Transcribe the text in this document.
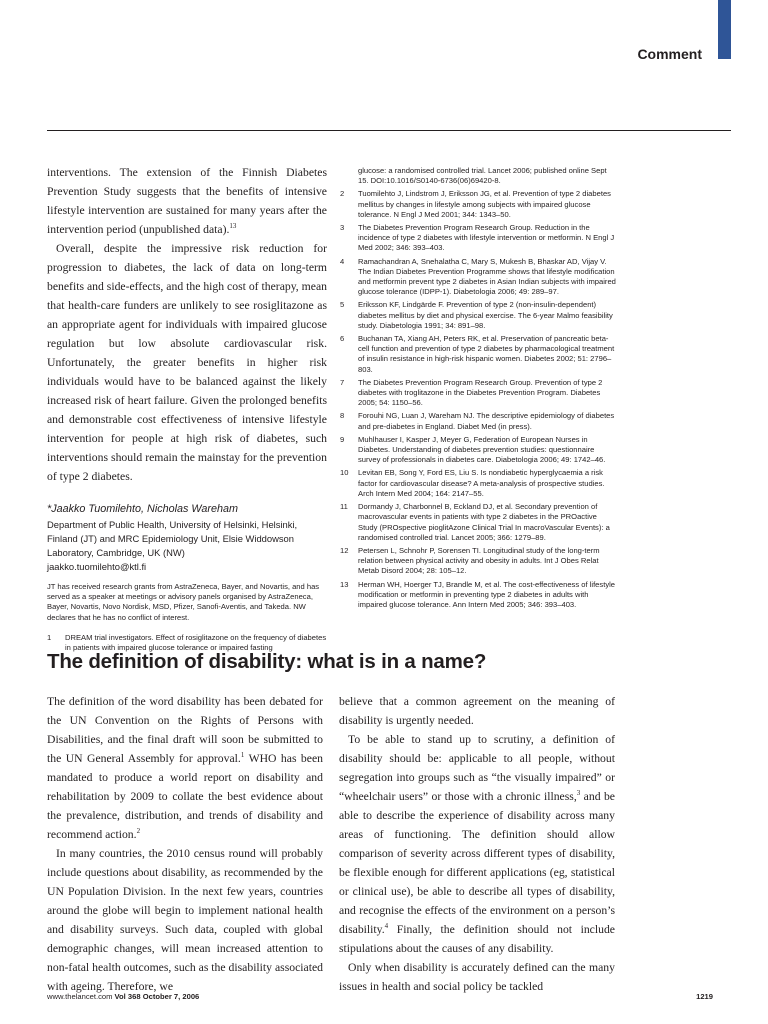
Comment

interventions. The extension of the Finnish Diabetes Prevention Study suggests that the benefits of intensive lifestyle intervention are sustained for many years after the intervention period (unpublished data).$^{13}$

Overall, despite the impressive risk reduction for progression to diabetes, the lack of data on long-term benefits and side-effects, and the high cost of therapy, mean that health-care funders are unlikely to see rosiglitazone as an appropriate agent for individuals with impaired glucose regulation but low absolute cardiovascular risk. Unfortunately, the greater benefits in higher risk individuals would have to be balanced against the likely increased risk of heart failure. Given the prolonged benefits and demonstrable cost effectiveness of intensive lifestyle intervention for people at high risk of diabetes, such interventions should remain the mainstay for the prevention of type 2 diabetes.

*Jaakko Tuomilehto, Nicholas Wareham
Department of Public Health, University of Helsinki, Helsinki,
Finland (JT) and MRC Epidemiology Unit, Elsie Widdowson
Laboratory, Cambridge, UK (NW)
jaakko.tuomilehto@ktl.fi
JT has received research grants from AstraZeneca, Bayer, and Novartis, and has served as a speaker at meetings or advisory panels organised by AstraZeneca, Bayer, Novartis, Novo Nordisk, MSD, Pfizer, Sanofi-Aventis, and Takeda. NW declares that he has no conflict of interest.
1	DREAM trial investigators. Effect of rosiglitazone on the frequency of diabetes in patients with impaired glucose tolerance or impaired fasting
glucose: a randomised controlled trial. Lancet 2006; published online Sept 15. DOI:10.1016/S0140-6736(06)69420-8.
2	Tuomilehto J, Lindstrom J, Eriksson JG, et al. Prevention of type 2 diabetes mellitus by changes in lifestyle among subjects with impaired glucose tolerance. N Engl J Med 2001; 344: 1343–50.
3	The Diabetes Prevention Program Research Group. Reduction in the incidence of type 2 diabetes with lifestyle intervention or metformin. N Engl J Med 2002; 346: 393–403.
4	Ramachandran A, Snehalatha C, Mary S, Mukesh B, Bhaskar AD, Vijay V. The Indian Diabetes Prevention Programme shows that lifestyle modification and metformin prevent type 2 diabetes in Asian Indian subjects with impaired glucose tolerance (IDPP-1). Diabetologia 2006; 49: 289–97.
5	Eriksson KF, Lindgärde F. Prevention of type 2 (non-insulin-dependent) diabetes mellitus by diet and physical exercise. The 6-year Malmo feasibility study. Diabetologia 1991; 34: 891–98.
6	Buchanan TA, Xiang AH, Peters RK, et al. Preservation of pancreatic beta-cell function and prevention of type 2 diabetes by pharmacological treatment of insulin resistance in high-risk hispanic women. Diabetes 2002; 51: 2796–803.
7	The Diabetes Prevention Program Research Group. Prevention of type 2 diabetes with troglitazone in the Diabetes Prevention Program. Diabetes 2005; 54: 1150–56.
8	Forouhi NG, Luan J, Wareham NJ. The descriptive epidemiology of diabetes and pre-diabetes in England. Diabet Med (in press).
9	Muhlhauser I, Kasper J, Meyer G, Federation of European Nurses in Diabetes. Understanding of diabetes prevention studies: questionnaire survey of professionals in diabetes care. Diabetologia 2006; 49: 1742–46.
10	Levitan EB, Song Y, Ford ES, Liu S. Is nondiabetic hyperglycaemia a risk factor for cardiovascular disease? A meta-analysis of prospective studies. Arch Intern Med 2004; 164: 2147–55.
11	Dormandy J, Charbonnel B, Eckland DJ, et al. Secondary prevention of macrovascular events in patients with type 2 diabetes in the PROactive Study (PROspective pioglitAzone Clinical Trial In macroVascular Events): a randomised controlled trial. Lancet 2005; 366: 1279–89.
12	Petersen L, Schnohr P, Sorensen TI. Longitudinal study of the long-term relation between physical activity and obesity in adults. Int J Obes Relat Metab Disord 2004; 28: 105–12.
13	Herman WH, Hoerger TJ, Brandle M, et al. The cost-effectiveness of lifestyle modification or metformin in preventing type 2 diabetes in adults with impaired glucose tolerance. Ann Intern Med 2005; 346: 393–403.
The definition of disability: what is in a name?

The definition of the word disability has been debated for the UN Convention on the Rights of Persons with Disabilities, and the final draft will soon be submitted to the UN General Assembly for approval.$^1$ WHO has been mandated to produce a world report on disability and rehabilitation by 2009 to collate the best evidence about the prevalence, distribution, and trends of disability and recommend action.$^2$

In many countries, the 2010 census round will probably include questions about disability, as recommended by the UN Population Division. In the next few years, countries around the globe will begin to implement national health and disability surveys. Such data, coupled with global demographic changes, will mean increased attention to non-fatal health outcomes, such as the disability associated with ageing. Therefore, we

believe that a common agreement on the meaning of disability is urgently needed.

To be able to stand up to scrutiny, a definition of disability should be: applicable to all people, without segregation into groups such as “the visually impaired” or “wheelchair users” or those with a chronic illness,$^3$ and be able to describe the experience of disability across many areas of functioning. The definition should allow comparison of severity across different types of disability, be flexible enough for different applications (eg, statistical or clinical use), be able to describe all types of disability, and recognise the effects of the environment on a person’s disability.$^4$ Finally, the definition should not include stipulations about the causes of any disability.

Only when disability is accurately defined can the many issues in health and social policy be tackled

www.thelancet.com Vol 368 October 7, 2006	1219
